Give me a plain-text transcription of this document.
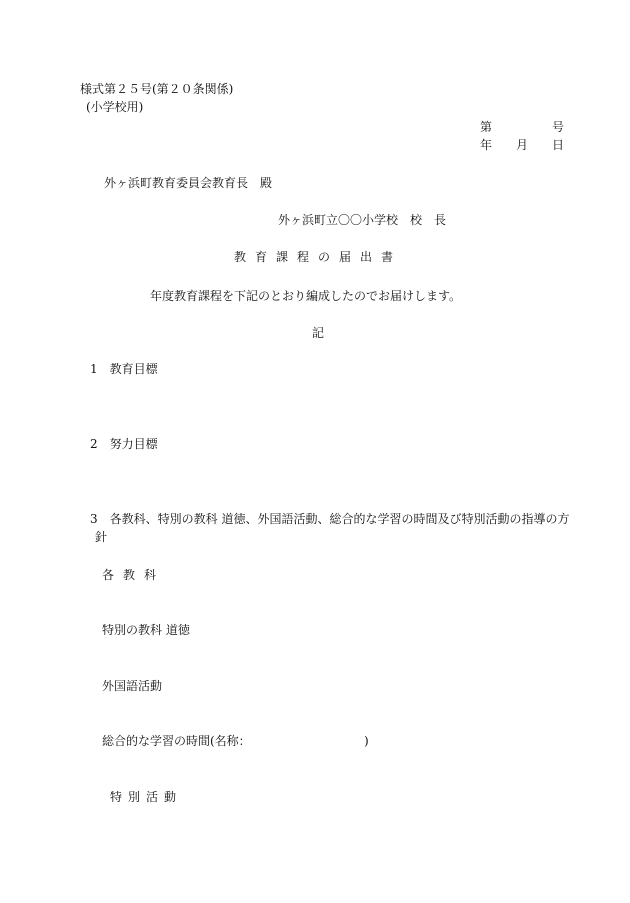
様式第２５号(第２０条関係)
(小学校用)
第　　　　　号
年　　月　　日
外ヶ浜町教育委員会教育長　殿
外ヶ浜町立〇〇小学校　校　長
教育課程の届出書
年度教育課程を下記のとおり編成したのでお届けします。
記
1　教育目標
2　努力目標
3　各教科、特別の教科 道徳、外国語活動、総合的な学習の時間及び特別活動の指導の方
針
各教科
特別の教科 道徳
外国語活動
総合的な学習の時間(名称：	)
特別活動
